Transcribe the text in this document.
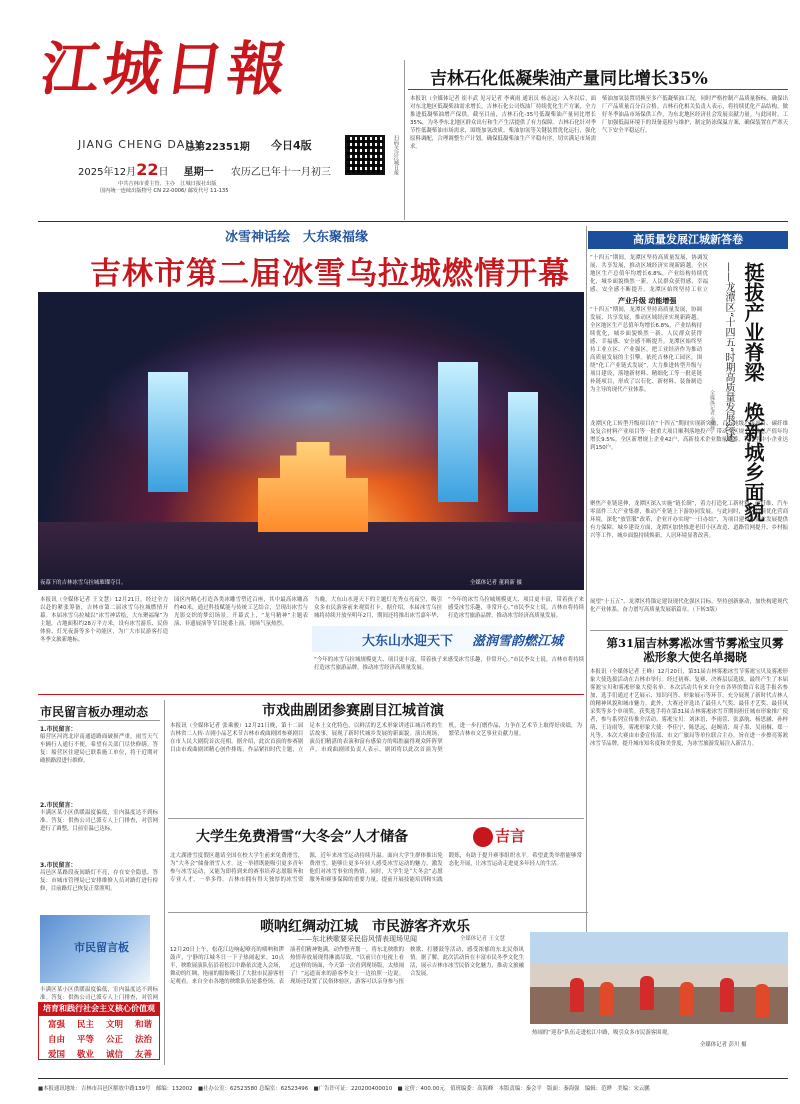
江城日報
JIANG CHENG DAILY
总第22351期 今日4版
2025年12月22日 星期一 农历乙巳年十一月初三
中共吉林市委主管、主办　江城日报社出版
国内统一连续出版物号 CN 22-0006/ 邮发代号 11-135
扫码关注江城日报
吉林石化低凝柴油产量同比增长35%
本报讯（全媒体记者 崔丰武 见习记者 李爽雨 通讯员 杨志远）入冬以后，面对东北地区低凝柴油需求增长，吉林石化公司炼油厂持续优化生产方案，全力推进低凝柴油增产保供。截至目前，吉林石化-35号低凝柴油产量同比增长35%，为冬季东北地区群众出行和生产生活提供了有力保障。吉林石化针对季节性低凝柴油市场需求，围绕加氢改质、柴油加氢等关键装置优化运行，强化原料调配，合理调整生产计划，确保低凝柴油生产平稳有序，切实满足市场需求。
柴油加氢装置切换至多产低凝柴油工况，同时严格控制产品质量指标，确保出厂产品质量百分百合格。吉林石化相关负责人表示，将持续优化产品结构，做好冬季油品市场保供工作，为东北地区经济社会发展贡献力量。与此同时，工厂加强低温环境下的设备巡检与维护，制定防冻保温方案，确保装置在严寒天气下安全平稳运行。
冰雪神话绘　大东聚福缘
吉林市第二届冰雪乌拉城燃情开幕
夜幕下的吉林冰雪乌拉城璀璨夺目。	全媒体记者 董莉新 摄
本报讯（全媒体记者 王文慧）12月21日，经过全力以赴的紧张筹备，吉林市第二届冰雪乌拉城燃情开幕。本届冰雪乌拉城以“冰雪神话绘，大东聚福缘”为主题，占地面积约28万平方米，设有冰雪游乐、民俗体验、灯光夜游等多个功能区，为广大市民游客打造冬季文旅新地标。
园区内精心打造各类冰雕雪塑近百座，其中最高冰雕高约40米，通过科技赋能与传统工艺结合，呈现出冰雪与光影交织的梦幻场景。开幕式上，“龙马精神”主题表演、非遗展演等节目轮番上演，现场气氛热烈。
当晚，大东山水迎天下的主题灯光秀点亮夜空，吸引众多市民游客前来观赏打卡。据介绍，本届冰雪乌拉城将持续开放至明年2月，期间还将推出冰雪嘉年华、
“今年的冰雪乌拉城规模更大、项目更丰富，带着孩子来感受冰雪乐趣，非常开心。”市民李女士说。吉林市将持续打造冰雪旅游品牌，推动冰雪经济高质量发展。
大东山水迎天下 滋润雪韵燃江城
“今年的冰雪乌拉城规模更大、项目更丰富，带着孩子来感受冰雪乐趣，非常开心。”市民李女士说。吉林市将持续打造冰雪旅游品牌，推动冰雪经济高质量发展。
高质量发展江城新答卷
“十四五”期间，龙潭区坚持高质量发展，协调发展、共享发展，推动区域经济实现新跨越。全区地区生产总值年均增长6.8%，产业结构持续优化，城乡面貌焕然一新，人民群众获得感、幸福感、安全感不断提升。龙潭区始终坚持工业立 挺拔产业脊梁　焕新城乡面貌
——龙潭区“十四五”时期高质量发展综述
全媒体记者 金佳慧
产业升级 动能增强
“十四五”期间，龙潭区坚持高质量发展，协调发展、共享发展，推动区域经济实现新跨越。全区地区生产总值年均增长6.8%，产业结构持续优化，城乡面貌焕然一新，人民群众获得感、幸福感、安全感不断提升。龙潭区始终坚持工业立区、产业强区，把工业经济作为推动高质量发展的主引擎。依托吉林化工园区，围绕“化工产业链式发展”，大力推进转型升级与项目建设，落地新材料、精细化工等一批延链补链项目，形成了以石化、新材料、装备制造为主导的现代产业体系。
龙潭区化工转型升级项目在“十四五”期间实现新突破，百万吨级乙烯项目、碳纤维及复合材料产业项目等一批重大项目顺利落地投产，带动全区规上工业总产值年均增长9.5%。全区新增规上企业42户，高新技术企业数量翻番，科技型中小企业达到150户。
聚焦产业链延伸，龙潭区深入实施“链长制”，着力打造化工新材料、碳纤维、汽车零部件三大产业集群，推动产业链上下游协同发展。与此同时，全区持续优化营商环境，深化“放管服”改革，企业开办实现“一日办结”，为项目建设和企业发展提供有力保障。城乡建设方面，龙潭区加快推进老旧小区改造、道路管网提升、乡村振兴等工作，城乡面貌持续焕新，人居环境显著改善。
展望“十五五”，龙潭区将锚定建设现代化强区目标，坚持创新驱动，加快构建现代化产业体系，奋力谱写高质量发展新篇章。（下转3版）
第31届吉林雾凇冰雪节雾凇宝贝雾凇形象大使名单揭晓
本报讯（全媒体记者 王峰）12月20日，第31届吉林雾凇冰雪节雾凇宝贝及雾凇形象大使选拔活动在吉林市举行。经过初赛、复赛、决赛层层选拔，最终产生了本届雾凇宝贝和雾凇形象大使名单。本次活动共有来自全市各界的数百名选手报名参加，选手们通过才艺展示、知识问答、形象展示等环节，充分展现了新时代吉林人的精神风貌和城市魅力。此外，大赛还评选出了最佳人气奖、最佳才艺奖、最佳风采奖等多个单项奖。获奖选手将在第31届吉林雾凇冰雪节期间担任城市形象推广使者，参与系列宣传推介活动。雾凇宝贝：刘沐语、李雨萱、张嘉航、杨思涵、孙梓萌、王诗雨等。雾凇形象大使：李佳宁、陈思远、赵婉清、周子墨、吴雨桐、郑一凡等。本次大赛由市委宣传部、市文广旅局等单位联合主办，旨在进一步擦亮雾凇冰雪节品牌，提升城市知名度和美誉度，为冰雪旅游发展注入新活力。
市民留言板办理动态
1.市民留言：
船营区河湾北岸南通道路面破损严重，雨雪天气车辆行人通行不便，希望有关部门尽快修缮。答复：船营区住建局已联系施工单位，将于近期对破损路段进行维修。
2.市民留言：
丰满区某小区供暖温度偏低，室内温度达不到标准。答复：供热公司已派专人上门排查，对管网进行了调整，目前室温已达标。
3.市民留言：
昌邑区某路段夜间路灯不亮，存在安全隐患。答复：市城市管理局已安排维修人员对路灯进行检修，目前路灯已恢复正常照明。
市民留言板
丰满区某小区供暖温度偏低，室内温度达不到标准。答复：供热公司已派专人上门排查，对管网
培育和践行社会主义核心价值观
富强	民主	文明	和谐
自由	平等	公正	法治
爱国	敬业	诚信	友善
市戏曲剧团参赛剧目江城首演
本报讯（全媒体记者 张乘骏）12月21日晚，第十二届吉林省二人转·吉剧小品艺术节吉林市戏曲剧团参赛剧目在市人民大剧院首次亮相。据介绍，此次首演的参赛剧目由市戏曲剧团精心创作排练，作品紧扣时代主题，立足本土文化特色，以鲜活的艺术形象讲述江城百姓的生活故事，展现了新时代城乡发展的新面貌。演出现场，演员们精湛的表演和富有感染力的唱腔赢得观众阵阵掌声。市戏曲剧团负责人表示，剧团将以此次首演为契机，进一步打磨作品，力争在艺术节上取得好成绩，为繁荣吉林市文艺事业贡献力量。
大学生免费滑雪“大冬会”人才储备	吉言
北大湖滑雪度假区邀请全国在校大学生前来免费滑雪，为“大冬会”储备滑雪人才。这一举措既能吸引更多青年参与冰雪运动，又能为即将到来的赛事培养志愿服务和专业人才，一举多得。吉林市拥有得天独厚的冰雪资源，近年来冰雪运动持续升温。面向大学生群体推出免费滑雪，能够让更多年轻人感受冰雪运动的魅力，激发他们对冰雪事业的热情。同时，大学生是“大冬会”志愿服务和赛事保障的重要力量，提前开展技能培训和实践锻炼，有助于提升赛事组织水平。希望此类举措能够常态化开展，让冰雪运动走进更多年轻人的生活。
唢呐红绸动江城　市民游客齐欢乐
——东北秧歌要采民俗风情表现场见闻	全媒体记者 王文慧
12月20日上午，松花江边响起嘹亮的唢呐和锣鼓声，宁静的江城冬日一下子热闹起来。10点半，秧歌展演队伍沿着松江中路依次进入会场，舞动的红绸、艳丽的服饰吸引了大批市民游客驻足观看。来自全市各地的秧歌队伍轮番登场，表演者们精神饱满，动作整齐划一，将东北秧歌的热情奔放展现得淋漓尽致。“以前只在电视上看过这样的场面，今天第一次看到现场版，太热闹了！”远道而来的游客李女士一边拍照一边说。现场还设置了民俗体验区，游客可以亲身参与扭秧歌、打腰鼓等活动，感受浓郁的东北民俗风情。据了解，此次活动旨在丰富市民冬季文化生活，展示吉林市冰雪民俗文化魅力，推动文旅融合发展。
热闹的“迎春”队伍走进松江中路，吸引众多市民游客围观。
全媒体记者 彭川 摄
■本报通讯地址：吉林市昌邑区解放中路139号　邮编：132002　■社办公室：62523580 总编室：62523496　■广告许可证：220200400010　■ 定价：400.00元　值班编委：高海峰　本版责编：秦会平　版面：秦海强　编辑：范晔　美编：宋云鹏
